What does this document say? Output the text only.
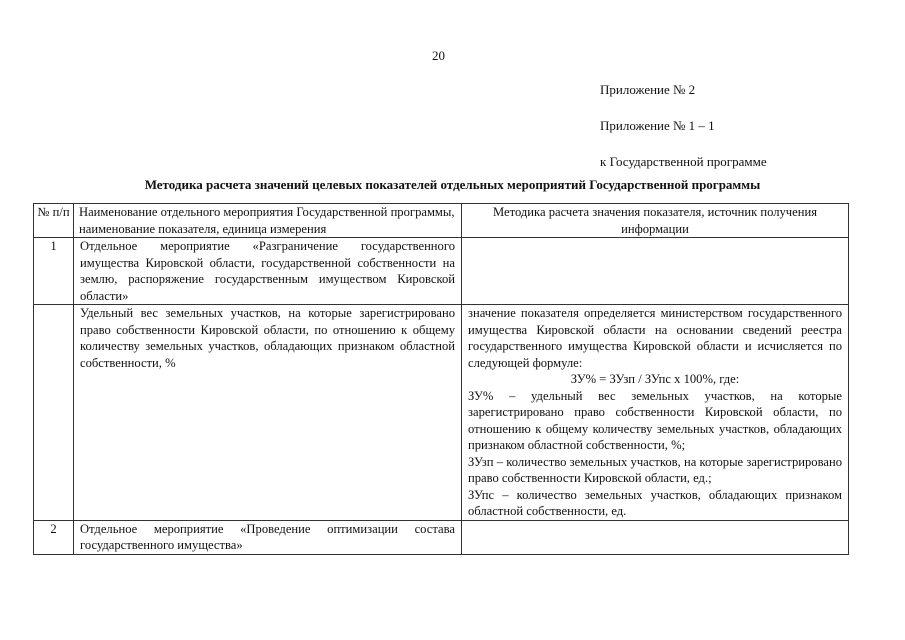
20
Приложение № 2
Приложение № 1 – 1
к Государственной программе
Методика расчета значений целевых показателей отдельных мероприятий Государственной программы
№ п/п	Наименование отдельного мероприятия Государственной программы, наименование показателя, единица измерения	Методика расчета значения показателя, источник получения информации
1	Отдельное мероприятие «Разграничение государственного имущества Кировской области, государственной собственности на землю, распоряжение государственным имуществом Кировской области»	
	Удельный вес земельных участков, на которые зарегистрировано право собственности Кировской области, по отношению к общему количеству земельных участков, обладающих признаком областной собственности, %	значение показателя определяется министерством государственного имущества Кировской области на основании сведений реестра государственного имущества Кировской области и исчисляется по следующей формуле:

ЗУ% = ЗУзп / ЗУпс х 100%, где:

ЗУ% – удельный вес земельных участков, на которые зарегистрировано право собственности Кировской области, по отношению к общему количеству земельных участков, обладающих признаком областной собственности, %;

ЗУзп – количество земельных участков, на которые зарегистрировано право собственности Кировской области, ед.;

ЗУпс – количество земельных участков, обладающих признаком областной собственности, ед.

2	Отдельное мероприятие «Проведение оптимизации состава государственного имущества»	
